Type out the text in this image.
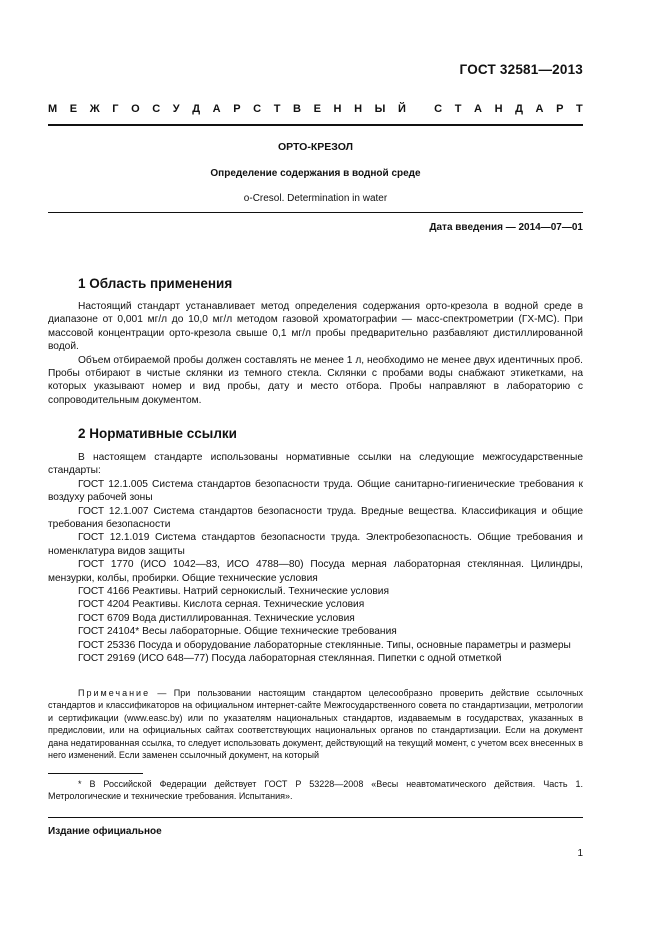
ГОСТ 32581—2013
М Е Ж Г О С У Д А Р С Т В Е Н Н Ы Й
	С Т А Н Д А Р Т
ОРТО-КРЕЗОЛ
Определение содержания в водной среде
o-Cresol. Determination in water
Дата введения — 2014—07—01
1 Область применения

Настоящий стандарт устанавливает метод определения содержания орто-крезола в водной среде в диапазоне от 0,001 мг/л до 10,0 мг/л методом газовой хроматографии — масс-спектрометрии (ГХ-МС). При массовой концентрации орто-крезола свыше 0,1 мг/л пробы предварительно разбавляют дистиллированной водой.

Объем отбираемой пробы должен составлять не менее 1 л, необходимо не менее двух идентичных проб. Пробы отбирают в чистые склянки из темного стекла. Склянки с пробами воды снабжают этикетками, на которых указывают номер и вид пробы, дату и место отбора. Пробы направляют в лабораторию с сопроводительным документом.

2 Нормативные ссылки

В настоящем стандарте использованы нормативные ссылки на следующие межгосударственные стандарты:

ГОСТ 12.1.005 Система стандартов безопасности труда. Общие санитарно-гигиенические требования к воздуху рабочей зоны

ГОСТ 12.1.007 Система стандартов безопасности труда. Вредные вещества. Классификация и общие требования безопасности

ГОСТ 12.1.019 Система стандартов безопасности труда. Электробезопасность. Общие требования и номенклатура видов защиты

ГОСТ 1770 (ИСО 1042—83, ИСО 4788—80) Посуда мерная лабораторная стеклянная. Цилиндры, мензурки, колбы, пробирки. Общие технические условия

ГОСТ 4166 Реактивы. Натрий сернокислый. Технические условия

ГОСТ 4204 Реактивы. Кислота серная. Технические условия

ГОСТ 6709 Вода дистиллированная. Технические условия

ГОСТ 24104* Весы лабораторные. Общие технические требования

ГОСТ 25336 Посуда и оборудование лабораторные стеклянные. Типы, основные параметры и размеры

ГОСТ 29169 (ИСО 648—77) Посуда лабораторная стеклянная. Пипетки с одной отметкой

Примечание — При пользовании настоящим стандартом целесообразно проверить действие ссылочных стандартов и классификаторов на официальном интернет-сайте Межгосударственного совета по стандартизации, метрологии и сертификации (www.easc.by) или по указателям национальных стандартов, издаваемым в государствах, указанных в предисловии, или на официальных сайтах соответствующих национальных органов по стандартизации. Если на документ дана недатированная ссылка, то следует использовать документ, действующий на текущий момент, с учетом всех внесенных в него изменений. Если заменен ссылочный документ, на который

* В Российской Федерации действует ГОСТ Р 53228—2008 «Весы неавтоматического действия. Часть 1. Метрологические и технические требования. Испытания».

Издание официальное
1
